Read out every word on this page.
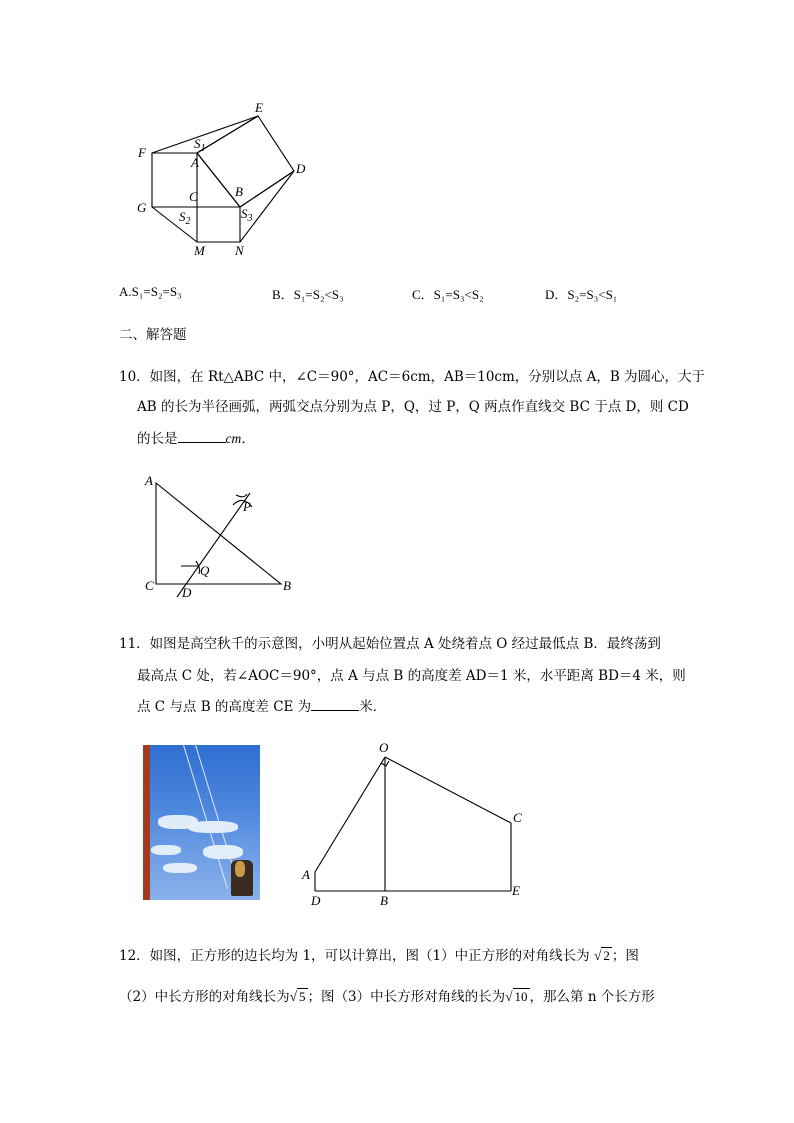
E
F
$S_1$
A	D
C	B
G
$S_2$
$S_3$
M N
A.S₁=S₂=S₃	B．S₁=S₂<S₃	C．S₁=S₃<S₂	D．S₂=S₃<S₁
二、解答题
10．如图，在 Rt△ABC 中，∠C＝90°，AC＝6cm，AB＝10cm，分别以点 A，B 为圆心，大于
AB 的长为半径画弧，两弧交点分别为点 P，Q，过 P，Q 两点作直线交 BC 于点 D，则 CD
的长是	cm．
A
P
Q
C D	B
11．如图是高空秋千的示意图，小明从起始位置点 A 处绕着点 O 经过最低点 B．最终荡到
最高点 C 处，若∠AOC＝90°，点 A 与点 B 的高度差 AD＝1 米，水平距离 BD＝4 米，则
点 C 与点 B 的高度差 CE 为	米．
O
C
A
D	B
E
12．如图，正方形的边长均为 1，可以计算出，图（1）中正方形的对角线长为 √ 2 ；图
（2）中长方形的对角线长为√ 5 ；图（3）中长方形对角线的长为√ 10 ，那么第 n 个长方形
